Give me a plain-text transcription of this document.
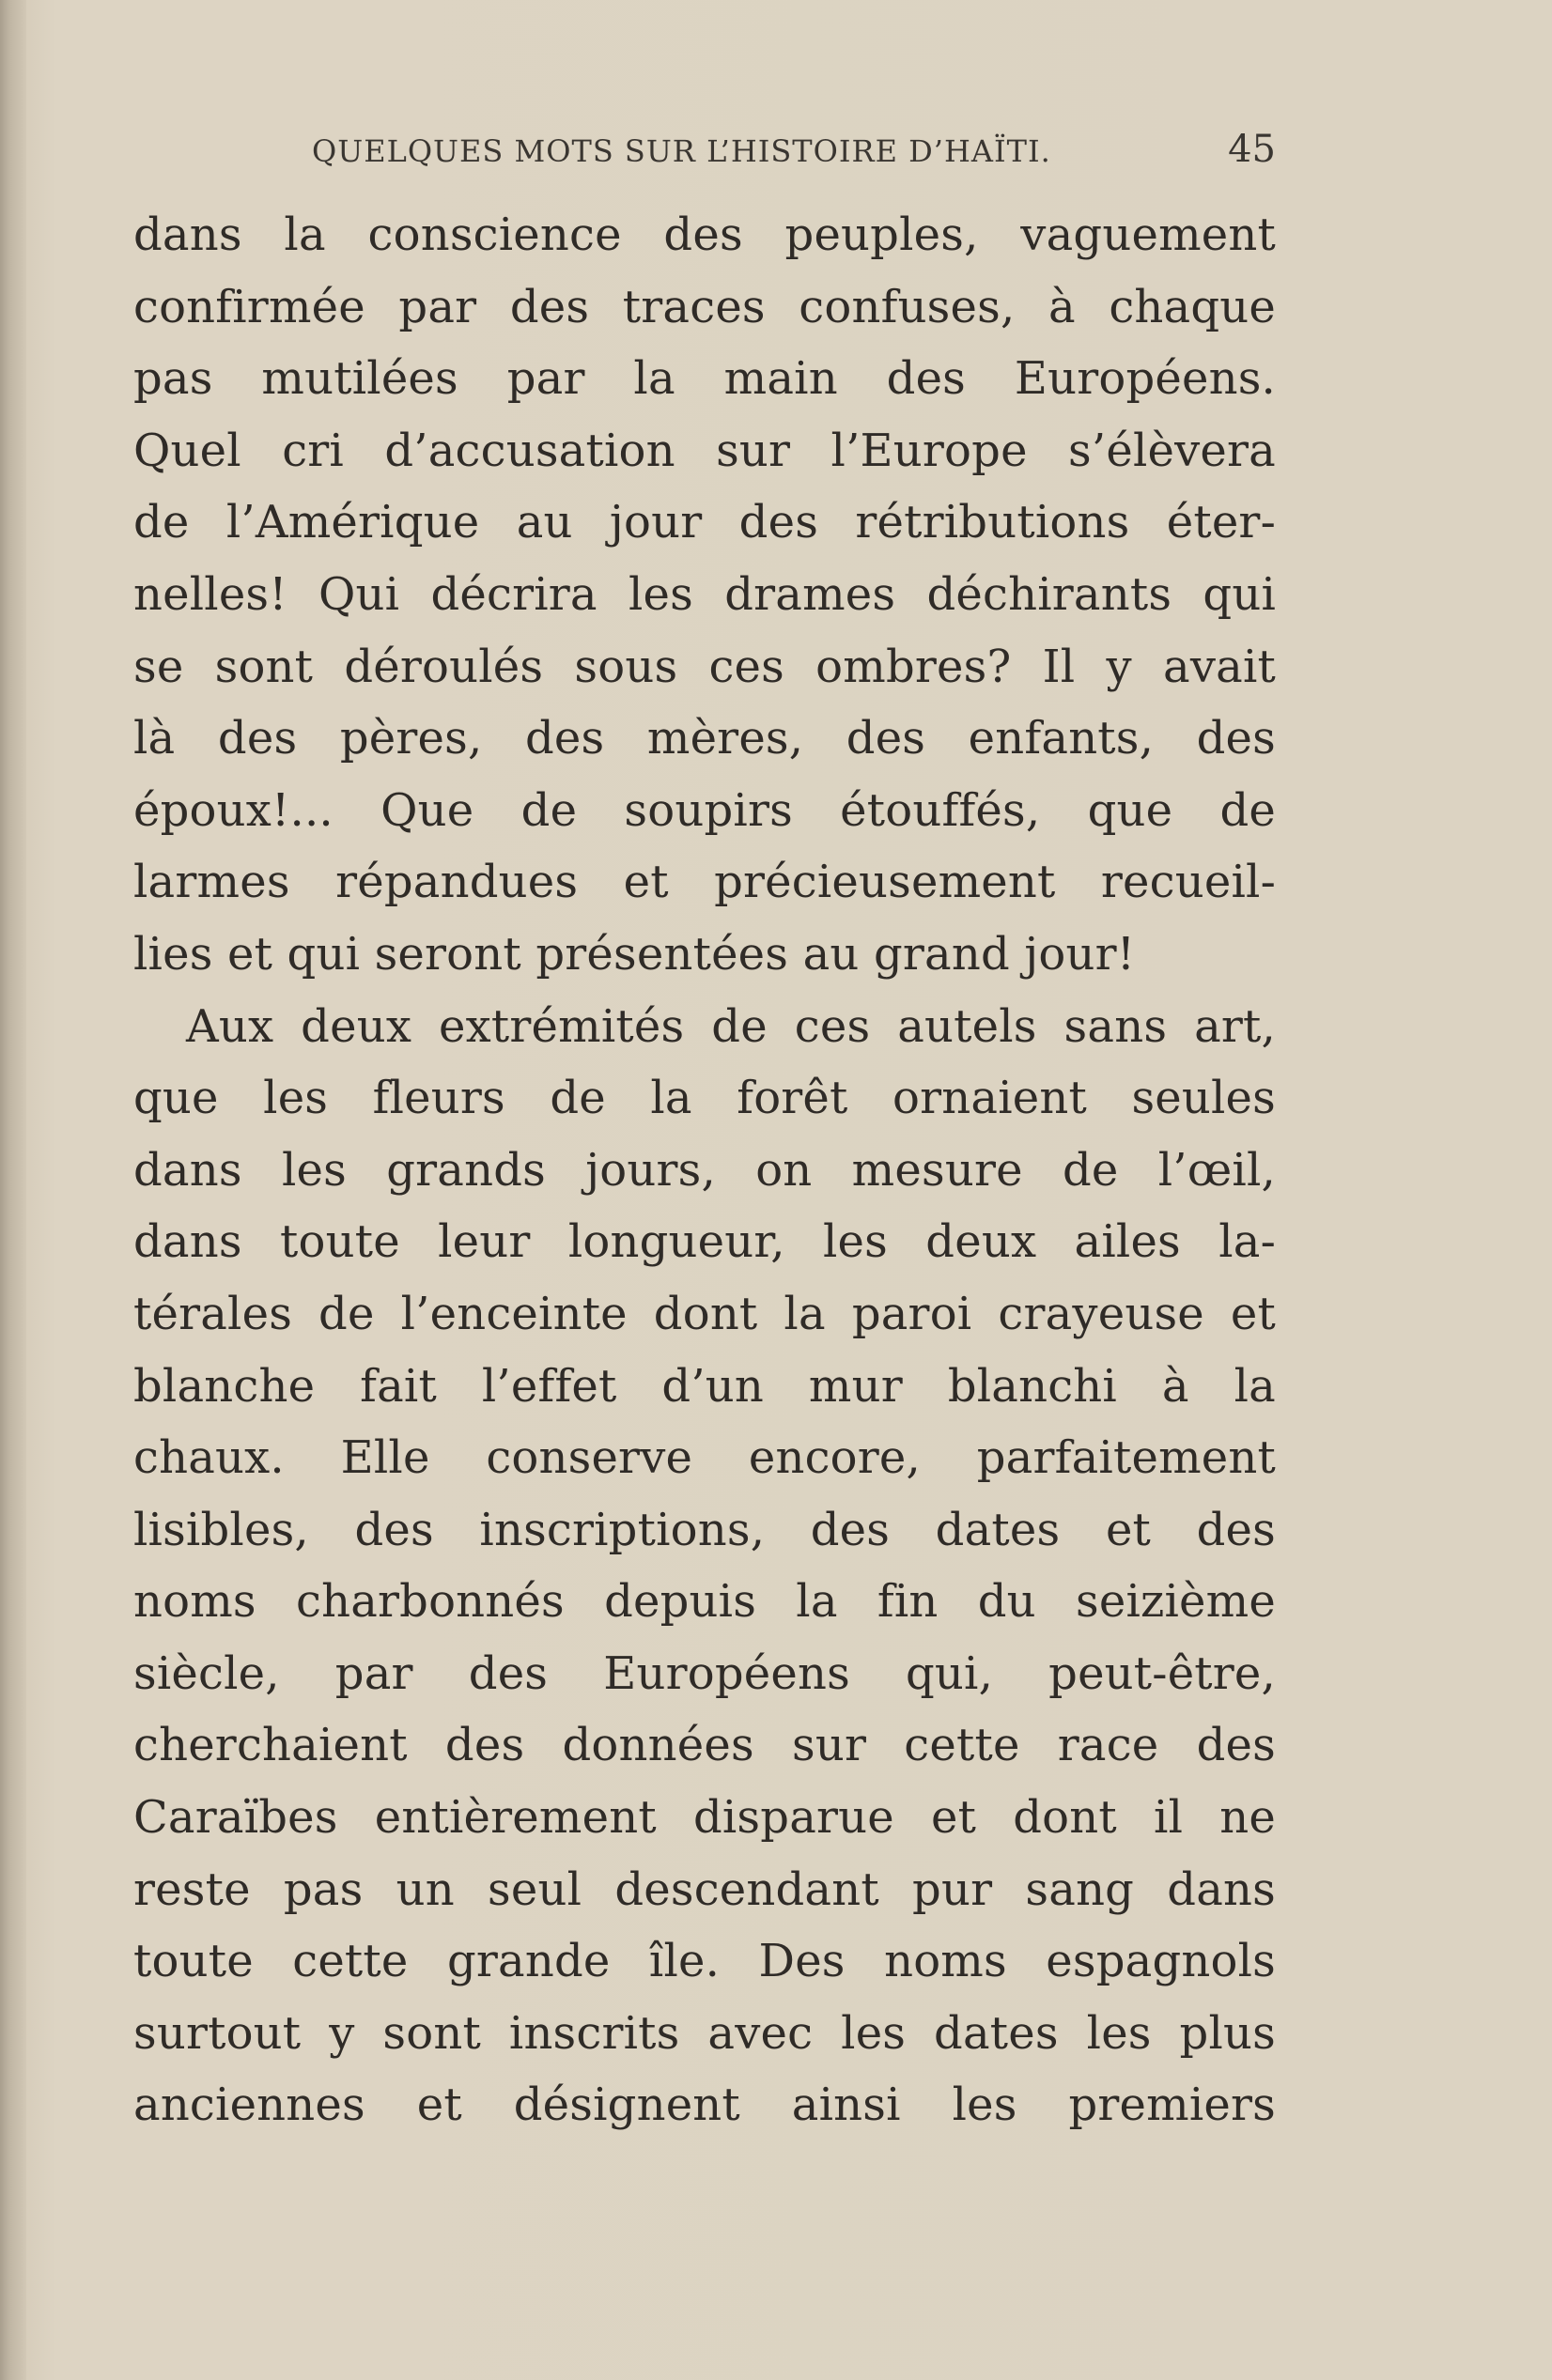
QUELQUES MOTS SUR L’HISTOIRE D’HAÏTI.	45
dans la conscience des peuples, vaguement
confirmée par des traces confuses, à chaque
pas mutilées par la main des Européens.
Quel cri d’accusation sur l’Europe s’élèvera
de l’Amérique au jour des rétributions éter-
nelles! Qui décrira les drames déchirants qui
se sont déroulés sous ces ombres? Il y avait
là des pères, des mères, des enfants, des
époux!... Que de soupirs étouffés, que de
larmes répandues et précieusement recueil-
lies et qui seront présentées au grand jour!
Aux deux extrémités de ces autels sans art,
que les fleurs de la forêt ornaient seules
dans les grands jours, on mesure de l’œil,
dans toute leur longueur, les deux ailes la-
térales de l’enceinte dont la paroi crayeuse et
blanche fait l’effet d’un mur blanchi à la
chaux. Elle conserve encore, parfaitement
lisibles, des inscriptions, des dates et des
noms charbonnés depuis la fin du seizième
siècle, par des Européens qui, peut-être,
cherchaient des données sur cette race des
Caraïbes entièrement disparue et dont il ne
reste pas un seul descendant pur sang dans
toute cette grande île. Des noms espagnols
surtout y sont inscrits avec les dates les plus
anciennes et désignent ainsi les premiers
